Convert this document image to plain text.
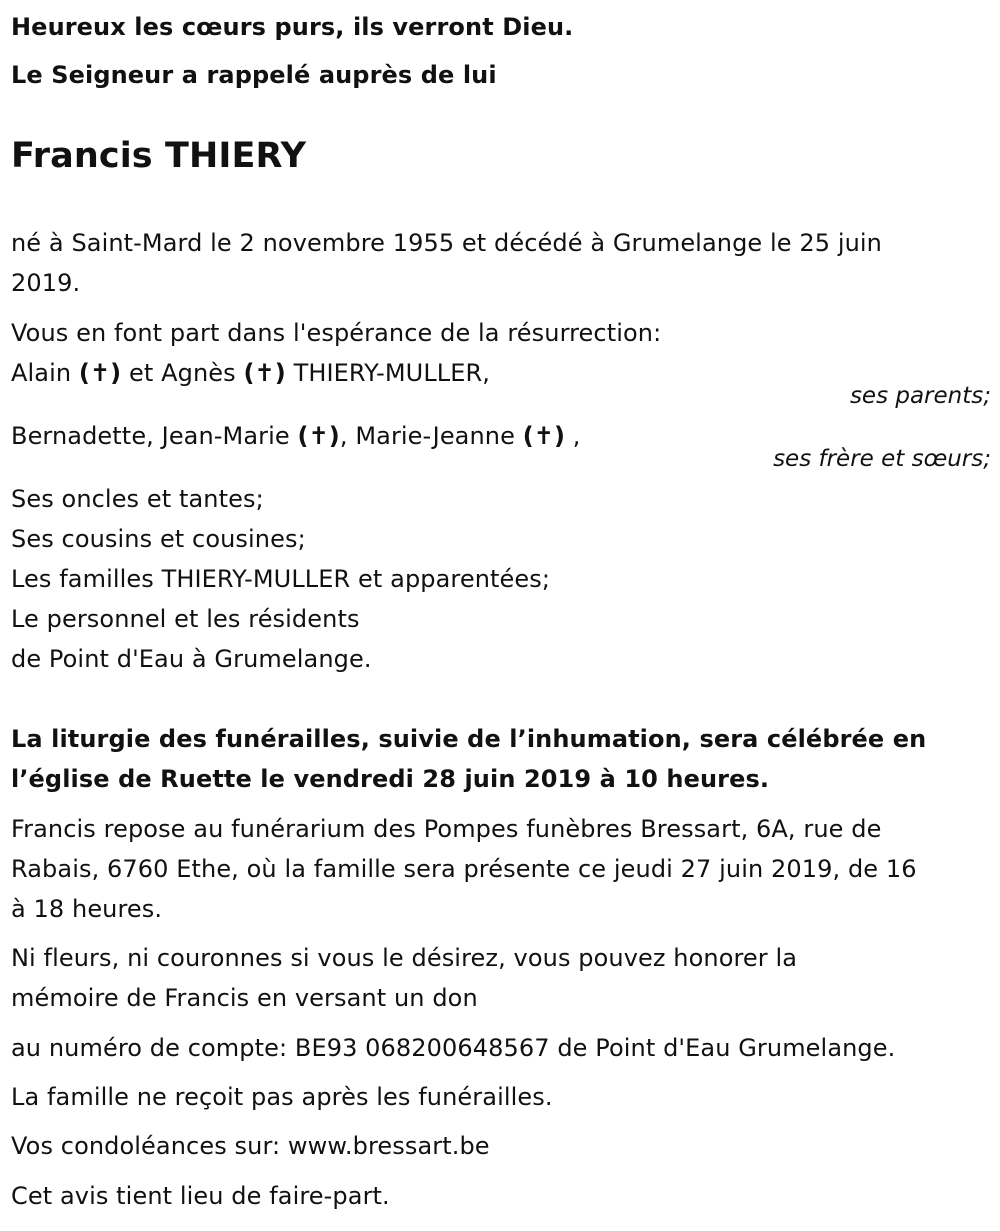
Heureux les cœurs purs, ils verront Dieu.
Le Seigneur a rappelé auprès de lui
Francis THIERY
né à Saint-Mard le 2 novembre 1955 et décédé à Grumelange le 25 juin
2019.
Vous en font part dans l'espérance de la résurrection:
Alain (✝) et Agnès (✝) THIERY-MULLER,
ses parents;
Bernadette, Jean-Marie (✝), Marie-Jeanne (✝) ,
ses frère et sœurs;
Ses oncles et tantes;
Ses cousins et cousines;
Les familles THIERY-MULLER et apparentées;
Le personnel et les résidents
de Point d'Eau à Grumelange.
La liturgie des funérailles, suivie de l’inhumation, sera célébrée en
l’église de Ruette le vendredi 28 juin 2019 à 10 heures.
Francis repose au funérarium des Pompes funèbres Bressart, 6A, rue de
Rabais, 6760 Ethe, où la famille sera présente ce jeudi 27 juin 2019, de 16
à 18 heures.
Ni fleurs, ni couronnes si vous le désirez, vous pouvez honorer la
mémoire de Francis en versant un don
au numéro de compte: BE93 068200648567 de Point d'Eau Grumelange.
La famille ne reçoit pas après les funérailles.
Vos condoléances sur: www.bressart.be
Cet avis tient lieu de faire-part.
